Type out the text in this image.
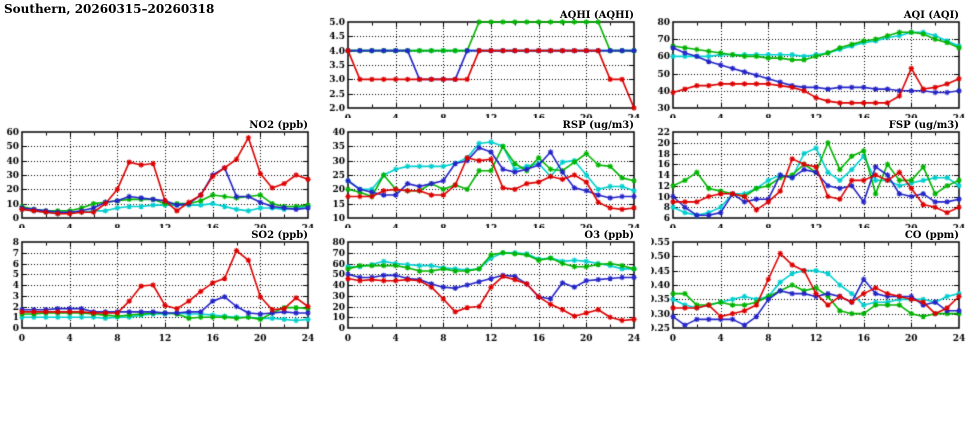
Southern, 20260315–20260318	AQHI (AQHI)	AQI (AQI)
NO2 (ppb)	RSP (ug/m3)	FSP (ug/m3)
SO2 (ppb)	O3 (ppb)	CO (ppm)
